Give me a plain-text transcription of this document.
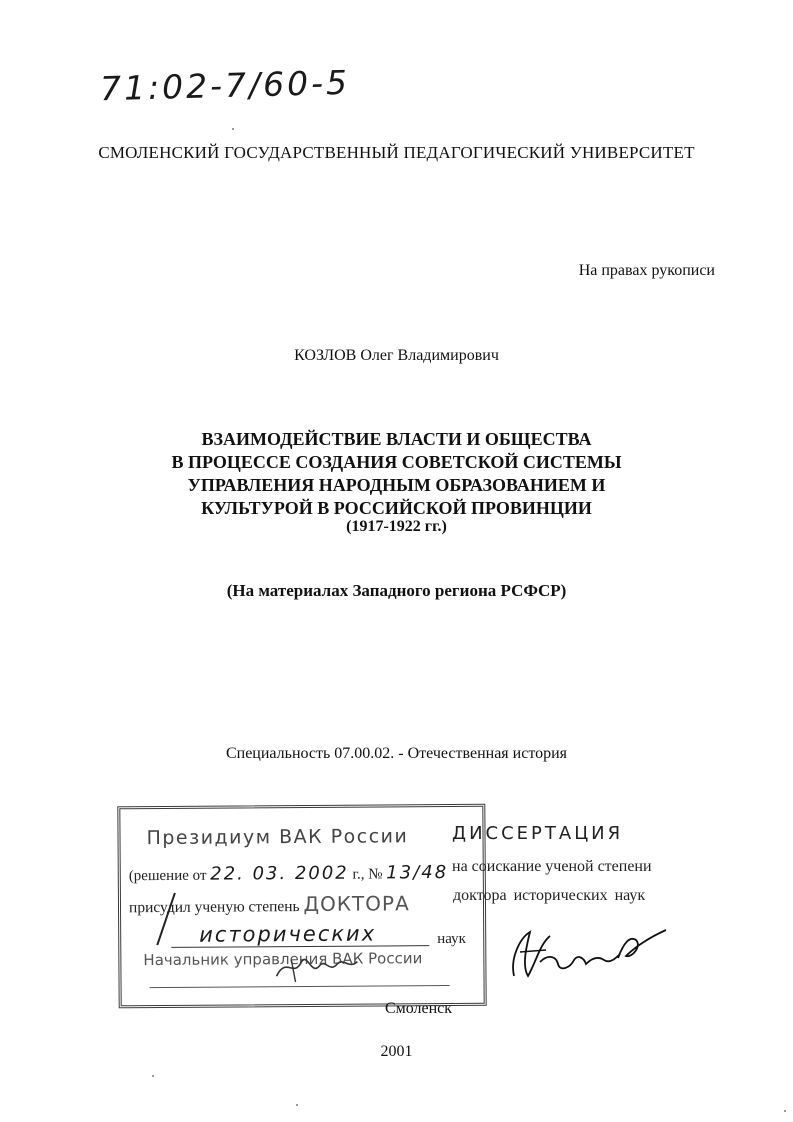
71:02-7/60-5
СМОЛЕНСКИЙ ГОСУДАРСТВЕННЫЙ ПЕДАГОГИЧЕСКИЙ УНИВЕРСИТЕТ
На правах рукописи
КОЗЛОВ Олег Владимирович
ВЗАИМОДЕЙСТВИЕ ВЛАСТИ И ОБЩЕСТВА
В ПРОЦЕССЕ СОЗДАНИЯ СОВЕТСКОЙ СИСТЕМЫ
УПРАВЛЕНИЯ НАРОДНЫМ ОБРАЗОВАНИЕМ И
КУЛЬТУРОЙ В РОССИЙСКОЙ ПРОВИНЦИИ
(1917-1922 гг.)
(На материалах Западного региона РСФСР)
Специальность 07.00.02. - Отечественная история
Президиум ВАК России
(решение от 22. 03. 2002 г., № 13/48
присудил ученую степень ДОКТОРА
исторических	наук
Начальник управления ВАК России
ДИССЕРТАЦИЯ
на соискание ученой степени
доктора исторических наук
Смоленск
2001
